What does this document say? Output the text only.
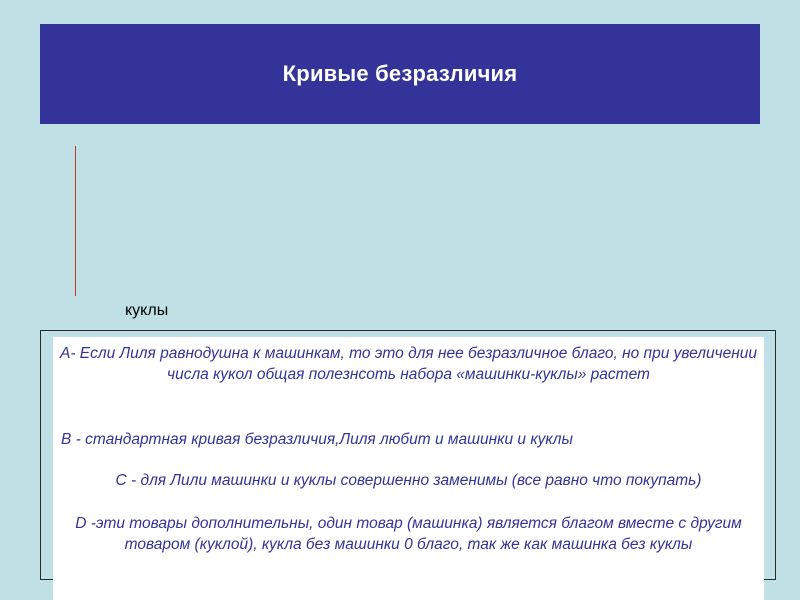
Кривые безразличия
куклы

А- Если Лиля равнодушна к машинкам, то это для нее безразличное благо, но при увеличении числа кукол общая полезнсоть набора «машинки-куклы» растет

В - стандартная кривая безразличия,Лиля любит и машинки и куклы

С - для Лили машинки и куклы совершенно заменимы (все равно что покупать)

D -эти товары дополнительны, один товар (машинка) является благом вместе с другим товаром (куклой), кукла без машинки 0 благо, так же как машинка без куклы
